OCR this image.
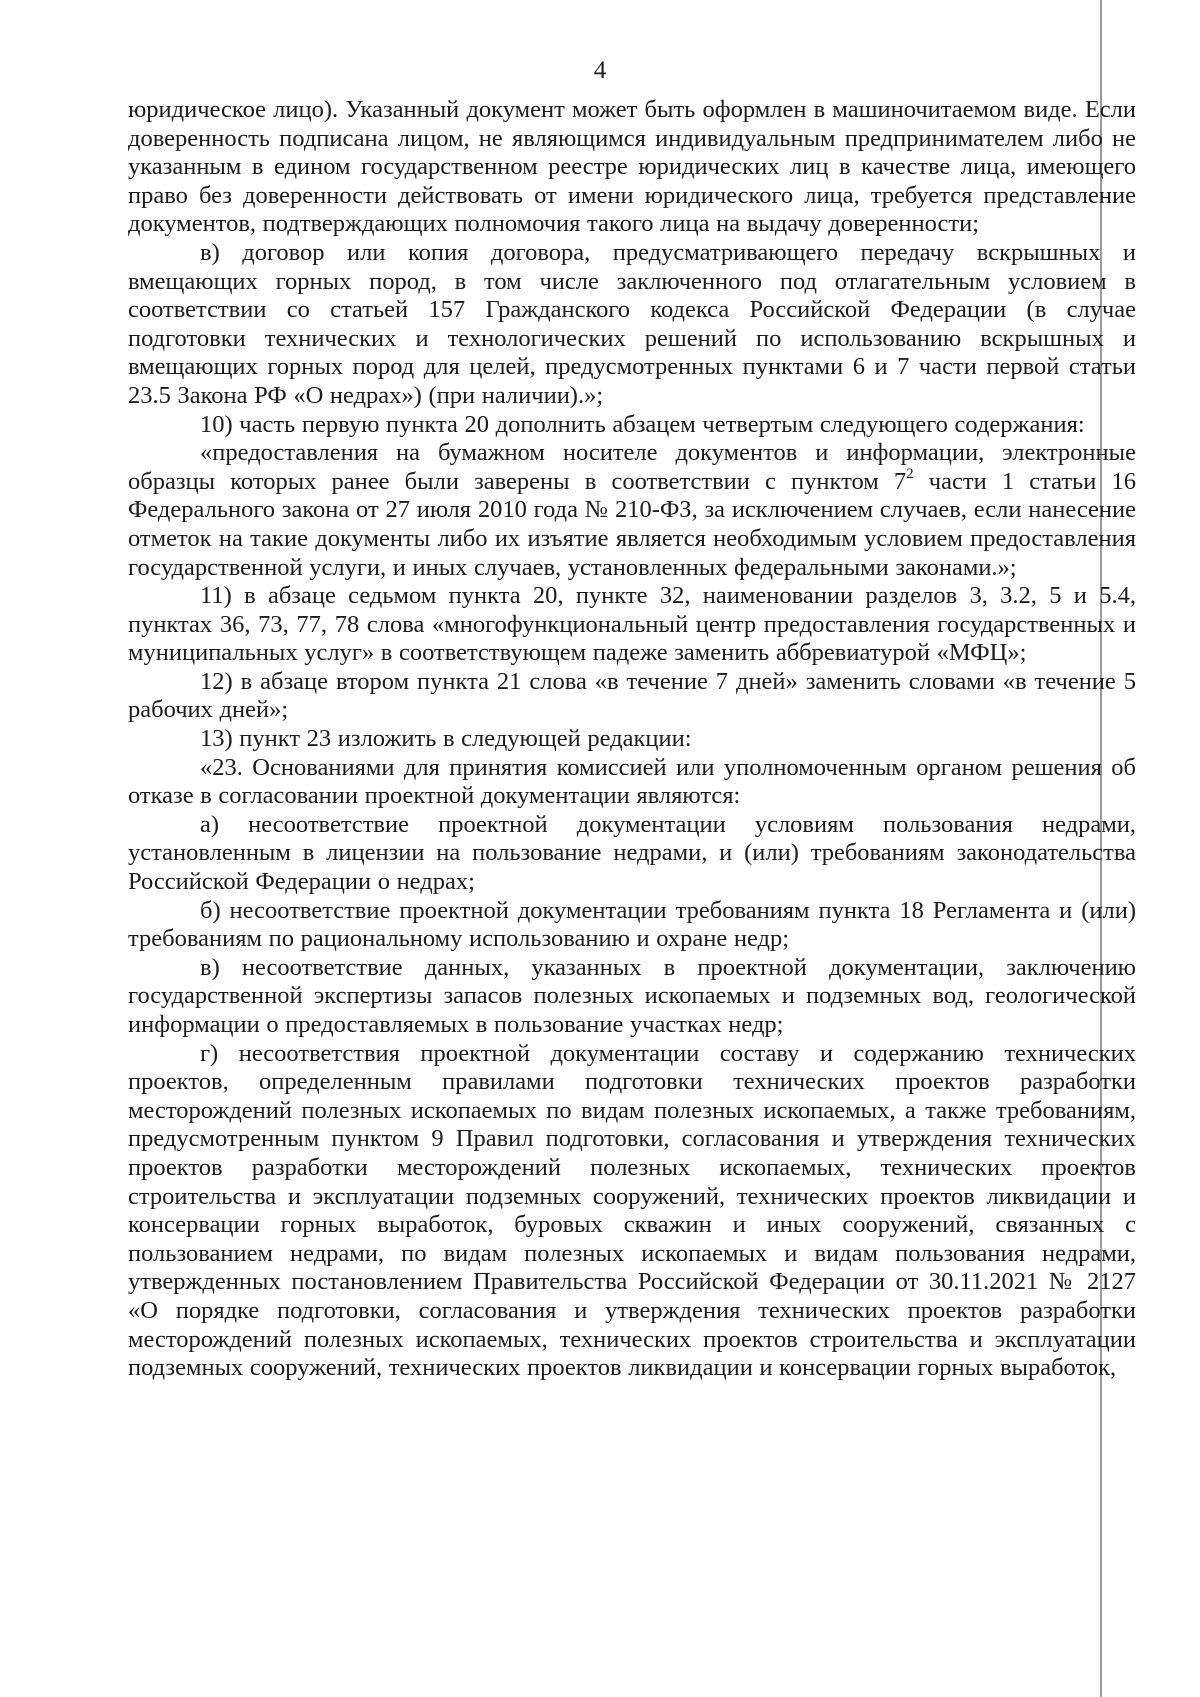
4

юридическое лицо). Указанный документ может быть оформлен в машиночитаемом виде. Если доверенность подписана лицом, не являющимся индивидуальным предпринимателем либо не указанным в едином государственном реестре юридических лиц в качестве лица, имеющего право без доверенности действовать от имени юридического лица, требуется представление документов, подтверждающих полномочия такого лица на выдачу доверенности;

в) договор или копия договора, предусматривающего передачу вскрышных и вмещающих горных пород, в том числе заключенного под отлагательным условием в соответствии со статьей 157 Гражданского кодекса Российской Федерации (в случае подготовки технических и технологических решений по использованию вскрышных и вмещающих горных пород для целей, предусмотренных пунктами 6 и 7 части первой статьи 23.5 Закона РФ «О недрах») (при наличии).»;

10) часть первую пункта 20 дополнить абзацем четвертым следующего содержания:

«предоставления на бумажном носителе документов и информации, электронные образцы которых ранее были заверены в соответствии с пунктом $7^2$ части 1 статьи 16 Федерального закона от 27 июля 2010 года № 210-ФЗ, за исключением случаев, если нанесение отметок на такие документы либо их изъятие является необходимым условием предоставления государственной услуги, и иных случаев, установленных федеральными законами.»;

11) в абзаце седьмом пункта 20, пункте 32, наименовании разделов 3, 3.2, 5 и 5.4, пунктах 36, 73, 77, 78 слова «многофункциональный центр предоставления государственных и муниципальных услуг» в соответствующем падеже заменить аббревиатурой «МФЦ»;

12) в абзаце втором пункта 21 слова «в течение 7 дней» заменить словами «в течение 5 рабочих дней»;

13) пункт 23 изложить в следующей редакции:

«23. Основаниями для принятия комиссией или уполномоченным органом решения об отказе в согласовании проектной документации являются:

а) несоответствие проектной документации условиям пользования недрами, установленным в лицензии на пользование недрами, и (или) требованиям законодательства Российской Федерации о недрах;

б) несоответствие проектной документации требованиям пункта 18 Регламента и (или) требованиям по рациональному использованию и охране недр;

в) несоответствие данных, указанных в проектной документации, заключению государственной экспертизы запасов полезных ископаемых и подземных вод, геологической информации о предоставляемых в пользование участках недр;

г) несоответствия проектной документации составу и содержанию технических проектов, определенным правилами подготовки технических проектов разработки месторождений полезных ископаемых по видам полезных ископаемых, а также требованиям, предусмотренным пунктом 9 Правил подготовки, согласования и утверждения технических проектов разработки месторождений полезных ископаемых, технических проектов строительства и эксплуатации подземных сооружений, технических проектов ликвидации и консервации горных выработок, буровых скважин и иных сооружений, связанных с пользованием недрами, по видам полезных ископаемых и видам пользования недрами, утвержденных постановлением Правительства Российской Федерации от 30.11.2021 № 2127 «О порядке подготовки, согласования и утверждения технических проектов разработки месторождений полезных ископаемых, технических проектов строительства и эксплуатации подземных сооружений, технических проектов ликвидации и консервации горных выработок,
